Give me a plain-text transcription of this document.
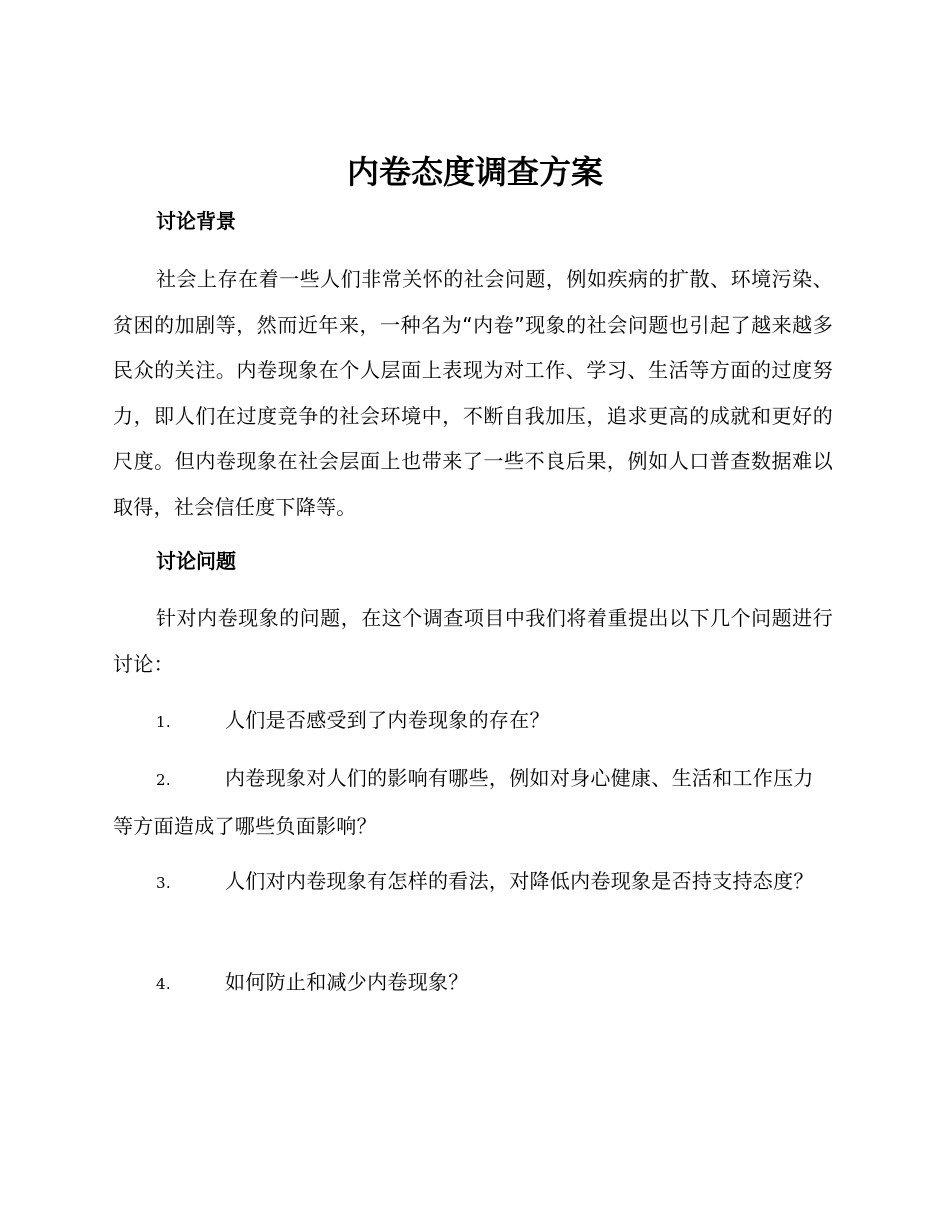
内卷态度调查方案
讨论背景

社会上存在着一些人们非常关怀的社会问题，例如疾病的扩散、环境污染、贫困的加剧等，然而近年来，一种名为“内卷”现象的社会问题也引起了越来越多民众的关注。内卷现象在个人层面上表现为对工作、学习、生活等方面的过度努力，即人们在过度竞争的社会环境中，不断自我加压，追求更高的成就和更好的尺度。但内卷现象在社会层面上也带来了一些不良后果，例如人口普查数据难以取得，社会信任度下降等。

讨论问题

针对内卷现象的问题，在这个调查项目中我们将着重提出以下几个问题进行讨论：

1.	人们是否感受到了内卷现象的存在？
2.	内卷现象对人们的影响有哪些，例如对身心健康、生活和工作压力等方面造成了哪些负面影响？
3.	人们对内卷现象有怎样的看法，对降低内卷现象是否持支持态度？
4.	如何防止和减少内卷现象？
